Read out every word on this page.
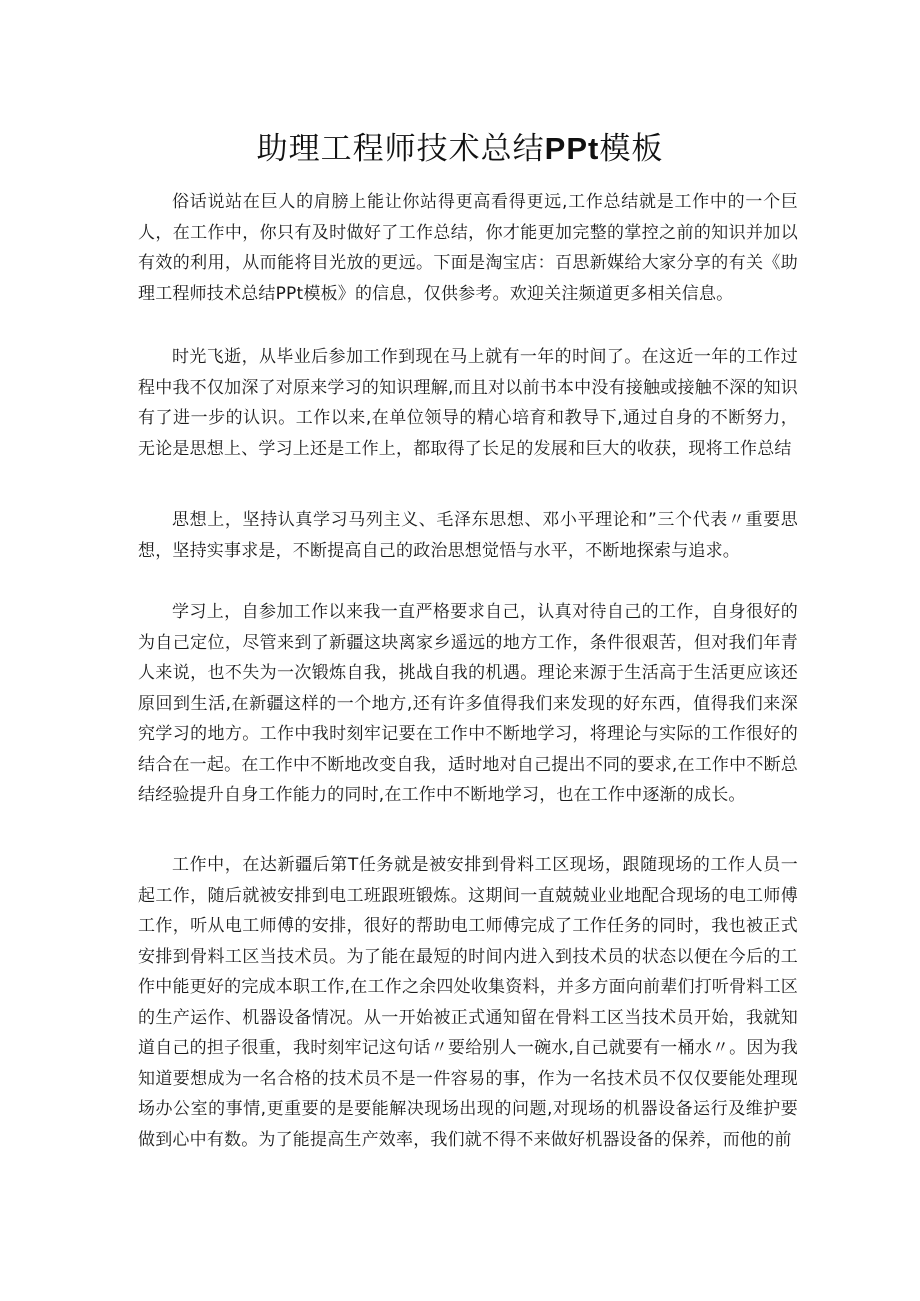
助理工程师技术总结PPt模板

俗话说站在巨人的肩膀上能让你站得更高看得更远,工作总结就是工作中的一个巨人，在工作中，你只有及时做好了工作总结，你才能更加完整的掌控之前的知识并加以有效的利用，从而能将目光放的更远。下面是淘宝店：百思新媒给大家分享的有关《助理工程师技术总结PPt模板》的信息，仅供参考。欢迎关注频道更多相关信息。

时光飞逝，从毕业后参加工作到现在马上就有一年的时间了。在这近一年的工作过程中我不仅加深了对原来学习的知识理解,而且对以前书本中没有接触或接触不深的知识有了进一步的认识。工作以来,在单位领导的精心培育和教导下,通过自身的不断努力，无论是思想上、学习上还是工作上，都取得了长足的发展和巨大的收获，现将工作总结

思想上，坚持认真学习马列主义、毛泽东思想、邓小平理论和”三个代表〃重要思想，坚持实事求是，不断提高自己的政治思想觉悟与水平，不断地探索与追求。

学习上，自参加工作以来我一直严格要求自己，认真对待自己的工作，自身很好的为自己定位，尽管来到了新疆这块离家乡遥远的地方工作，条件很艰苦，但对我们年青人来说，也不失为一次锻炼自我，挑战自我的机遇。理论来源于生活高于生活更应该还原回到生活,在新疆这样的一个地方,还有许多值得我们来发现的好东西，值得我们来深究学习的地方。工作中我时刻牢记要在工作中不断地学习，将理论与实际的工作很好的结合在一起。在工作中不断地改变自我，适时地对自己提出不同的要求,在工作中不断总结经验提升自身工作能力的同时,在工作中不断地学习，也在工作中逐渐的成长。

工作中，在达新疆后第T任务就是被安排到骨料工区现场，跟随现场的工作人员一起工作，随后就被安排到电工班跟班锻炼。这期间一直兢兢业业地配合现场的电工师傅工作，听从电工师傅的安排，很好的帮助电工师傅完成了工作任务的同时，我也被正式安排到骨料工区当技术员。为了能在最短的时间内进入到技术员的状态以便在今后的工作中能更好的完成本职工作,在工作之余四处收集资料，并多方面向前辈们打听骨料工区的生产运作、机器设备情况。从一开始被正式通知留在骨料工区当技术员开始，我就知道自己的担子很重，我时刻牢记这句话〃要给别人一碗水,自己就要有一桶水〃。因为我知道要想成为一名合格的技术员不是一件容易的事，作为一名技术员不仅仅要能处理现场办公室的事情,更重要的是要能解决现场出现的问题,对现场的机器设备运行及维护要做到心中有数。为了能提高生产效率，我们就不得不来做好机器设备的保养，而他的前
